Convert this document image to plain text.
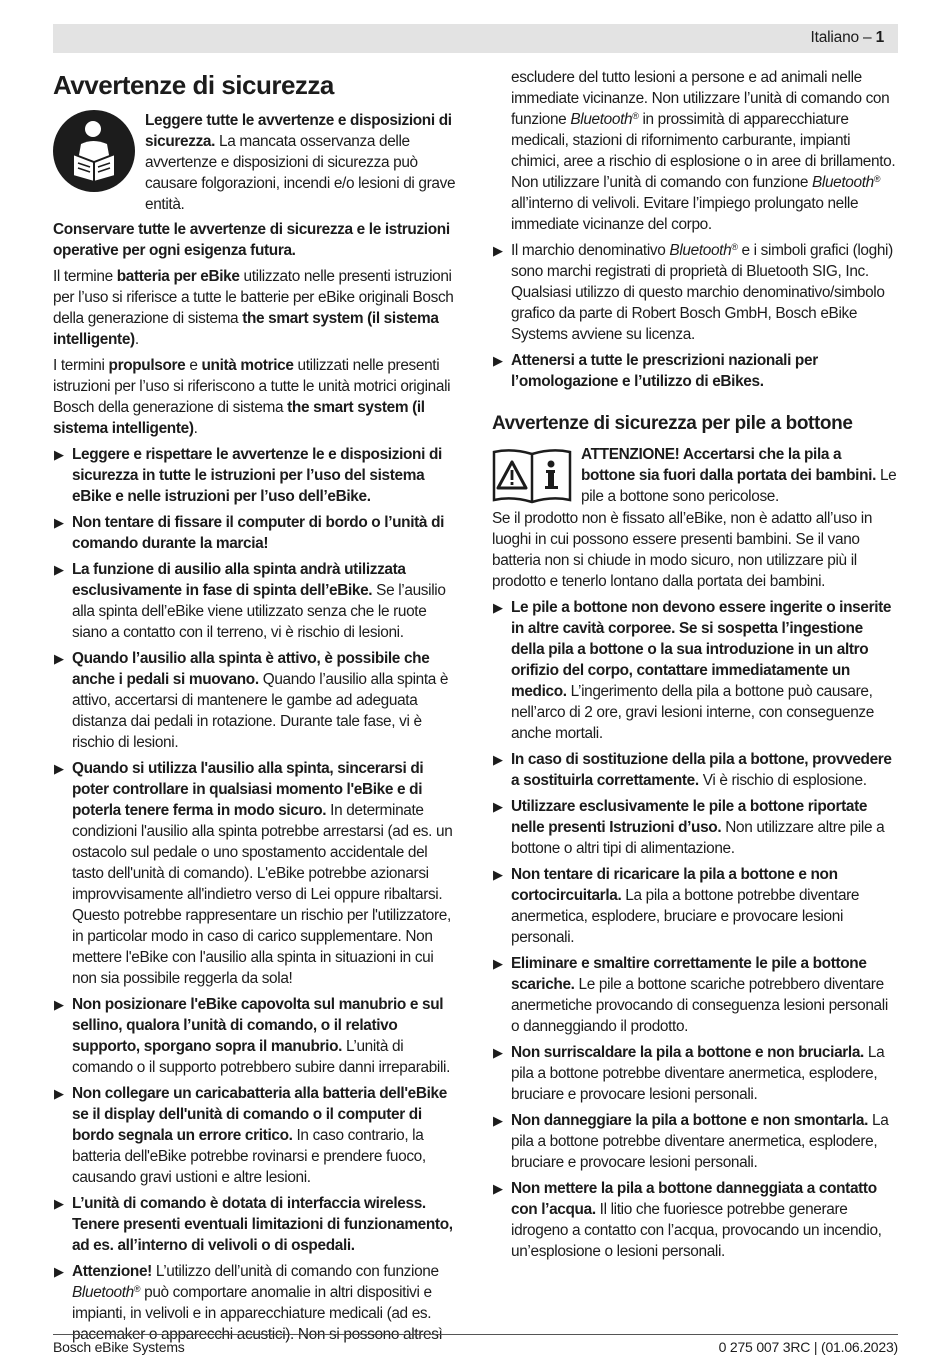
Italiano – 1
Avvertenze di sicurezza

Leggere tutte le avvertenze e disposizioni di sicurezza. La mancata osservanza delle avvertenze e disposizioni di sicurezza può causare folgorazioni, incendi e/o lesioni di grave entità.

Conservare tutte le avvertenze di sicurezza e le istruzioni operative per ogni esigenza futura.

Il termine batteria per eBike utilizzato nelle presenti istruzioni per l’uso si riferisce a tutte le batterie per eBike originali Bosch della generazione di sistema the smart system (il sistema intelligente).

I termini propulsore e unità motrice utilizzati nelle presenti istruzioni per l’uso si riferiscono a tutte le unità motrici originali Bosch della generazione di sistema the smart system (il sistema intelligente).

▶ Leggere e rispettare le avvertenze le e disposizioni di sicurezza in tutte le istruzioni per l’uso del sistema eBike e nelle istruzioni per l’uso dell’eBike.
▶ Non tentare di fissare il computer di bordo o l’unità di comando durante la marcia!
▶ La funzione di ausilio alla spinta andrà utilizzata esclusivamente in fase di spinta dell’eBike. Se l’ausilio alla spinta dell’eBike viene utilizzato senza che le ruote siano a contatto con il terreno, vi è rischio di lesioni.
▶ Quando l’ausilio alla spinta è attivo, è possibile che anche i pedali si muovano. Quando l’ausilio alla spinta è attivo, accertarsi di mantenere le gambe ad adeguata distanza dai pedali in rotazione. Durante tale fase, vi è rischio di lesioni.
▶ Quando si utilizza l'ausilio alla spinta, sincerarsi di poter controllare in qualsiasi momento l'eBike e di poterla tenere ferma in modo sicuro. In determinate condizioni l'ausilio alla spinta potrebbe arrestarsi (ad es. un ostacolo sul pedale o uno spostamento accidentale del tasto dell'unità di comando). L'eBike potrebbe azionarsi improvvisamente all'indietro verso di Lei oppure ribaltarsi. Questo potrebbe rappresentare un rischio per l'utilizzatore, in particolar modo in caso di carico supplementare. Non mettere l'eBike con l'ausilio alla spinta in situazioni in cui non sia possibile reggerla da sola!
▶ Non posizionare l'eBike capovolta sul manubrio e sul sellino, qualora l’unità di comando, o il relativo supporto, sporgano sopra il manubrio. L’unità di comando o il supporto potrebbero subire danni irreparabili.
▶ Non collegare un caricabatteria alla batteria dell'eBike se il display dell'unità di comando o il computer di bordo segnala un errore critico. In caso contrario, la batteria dell'eBike potrebbe rovinarsi e prendere fuoco, causando gravi ustioni e altre lesioni.
▶ L’unità di comando è dotata di interfaccia wireless. Tenere presenti eventuali limitazioni di funzionamento, ad es. all’interno di velivoli o di ospedali.
▶ Attenzione! L’utilizzo dell’unità di comando con funzione Bluetooth® può comportare anomalie in altri dispositivi e impianti, in velivoli e in apparecchiature medicali (ad es. pacemaker o apparecchi acustici). Non si possono altresì

escludere del tutto lesioni a persone e ad animali nelle immediate vicinanze. Non utilizzare l’unità di comando con funzione Bluetooth® in prossimità di apparecchiature medicali, stazioni di rifornimento carburante, impianti chimici, aree a rischio di esplosione o in aree di brillamento. Non utilizzare l’unità di comando con funzione Bluetooth® all’interno di velivoli. Evitare l’impiego prolungato nelle immediate vicinanze del corpo.

▶ Il marchio denominativo Bluetooth® e i simboli grafici (loghi) sono marchi registrati di proprietà di Bluetooth SIG, Inc. Qualsiasi utilizzo di questo marchio denominativo/simbolo grafico da parte di Robert Bosch GmbH, Bosch eBike Systems avviene su licenza.
▶ Attenersi a tutte le prescrizioni nazionali per l’omologazione e l’utilizzo di eBikes.
Avvertenze di sicurezza per pile a bottone

ATTENZIONE! Accertarsi che la pila a bottone sia fuori dalla portata dei bambini. Le pile a bottone sono pericolose.

Se il prodotto non è fissato all’eBike, non è adatto all’uso in luoghi in cui possono essere presenti bambini. Se il vano batteria non si chiude in modo sicuro, non utilizzare più il prodotto e tenerlo lontano dalla portata dei bambini.

▶ Le pile a bottone non devono essere ingerite o inserite in altre cavità corporee. Se si sospetta l’ingestione della pila a bottone o la sua introduzione in un altro orifizio del corpo, contattare immediatamente un medico. L’ingerimento della pila a bottone può causare, nell’arco di 2 ore, gravi lesioni interne, con conseguenze anche mortali.
▶ In caso di sostituzione della pila a bottone, provvedere a sostituirla correttamente. Vi è rischio di esplosione.
▶ Utilizzare esclusivamente le pile a bottone riportate nelle presenti Istruzioni d’uso. Non utilizzare altre pile a bottone o altri tipi di alimentazione.
▶ Non tentare di ricaricare la pila a bottone e non cortocircuitarla. La pila a bottone potrebbe diventare anermetica, esplodere, bruciare e provocare lesioni personali.
▶ Eliminare e smaltire correttamente le pile a bottone scariche. Le pile a bottone scariche potrebbero diventare anermetiche provocando di conseguenza lesioni personali o danneggiando il prodotto.
▶ Non surriscaldare la pila a bottone e non bruciarla. La pila a bottone potrebbe diventare anermetica, esplodere, bruciare e provocare lesioni personali.
▶ Non danneggiare la pila a bottone e non smontarla. La pila a bottone potrebbe diventare anermetica, esplodere, bruciare e provocare lesioni personali.
▶ Non mettere la pila a bottone danneggiata a contatto con l’acqua. Il litio che fuoriesce potrebbe generare idrogeno a contatto con l’acqua, provocando un incendio, un’esplosione o lesioni personali.
Bosch eBike Systems	0 275 007 3RC | (01.06.2023)
